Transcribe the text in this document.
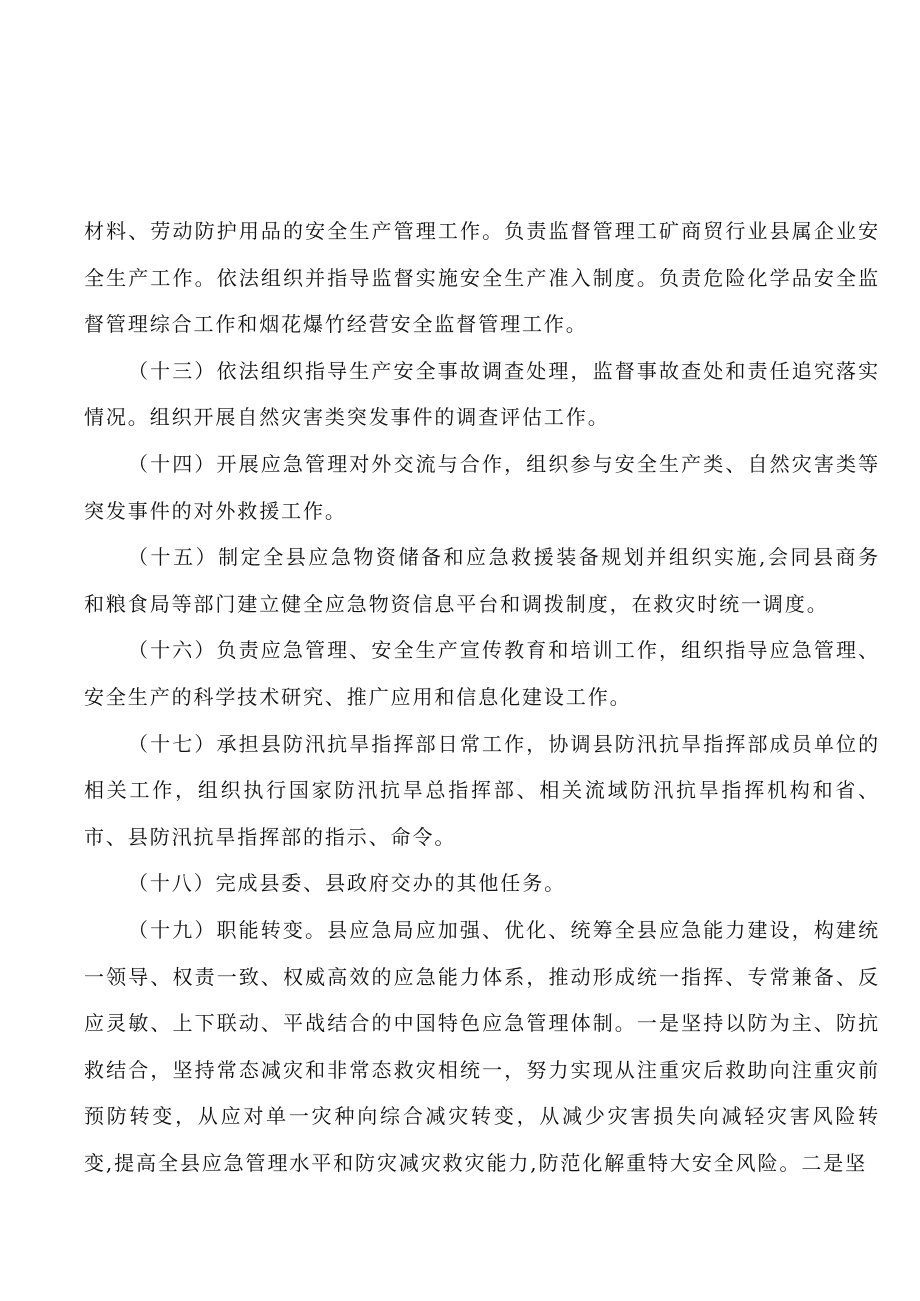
材料、劳动防护用品的安全生产管理工作。负责监督管理工矿商贸行业县属企业安全生产工作。依法组织并指导监督实施安全生产准入制度。负责危险化学品安全监督管理综合工作和烟花爆竹经营安全监督管理工作。

（十三）依法组织指导生产安全事故调查处理，监督事故查处和责任追究落实情况。组织开展自然灾害类突发事件的调查评估工作。

（十四）开展应急管理对外交流与合作，组织参与安全生产类、自然灾害类等突发事件的对外救援工作。

（十五）制定全县应急物资储备和应急救援装备规划并组织实施,会同县商务和粮食局等部门建立健全应急物资信息平台和调拨制度，在救灾时统一调度。

（十六）负责应急管理、安全生产宣传教育和培训工作，组织指导应急管理、安全生产的科学技术研究、推广应用和信息化建设工作。

（十七）承担县防汛抗旱指挥部日常工作，协调县防汛抗旱指挥部成员单位的相关工作，组织执行国家防汛抗旱总指挥部、相关流域防汛抗旱指挥机构和省、市、县防汛抗旱指挥部的指示、命令。

（十八）完成县委、县政府交办的其他任务。

（十九）职能转变。县应急局应加强、优化、统筹全县应急能力建设，构建统一领导、权责一致、权威高效的应急能力体系，推动形成统一指挥、专常兼备、反应灵敏、上下联动、平战结合的中国特色应急管理体制。一是坚持以防为主、防抗救结合，坚持常态减灾和非常态救灾相统一，努力实现从注重灾后救助向注重灾前预防转变，从应对单一灾种向综合减灾转变，从减少灾害损失向减轻灾害风险转变,提高全县应急管理水平和防灾减灾救灾能力,防范化解重特大安全风险。二是坚
